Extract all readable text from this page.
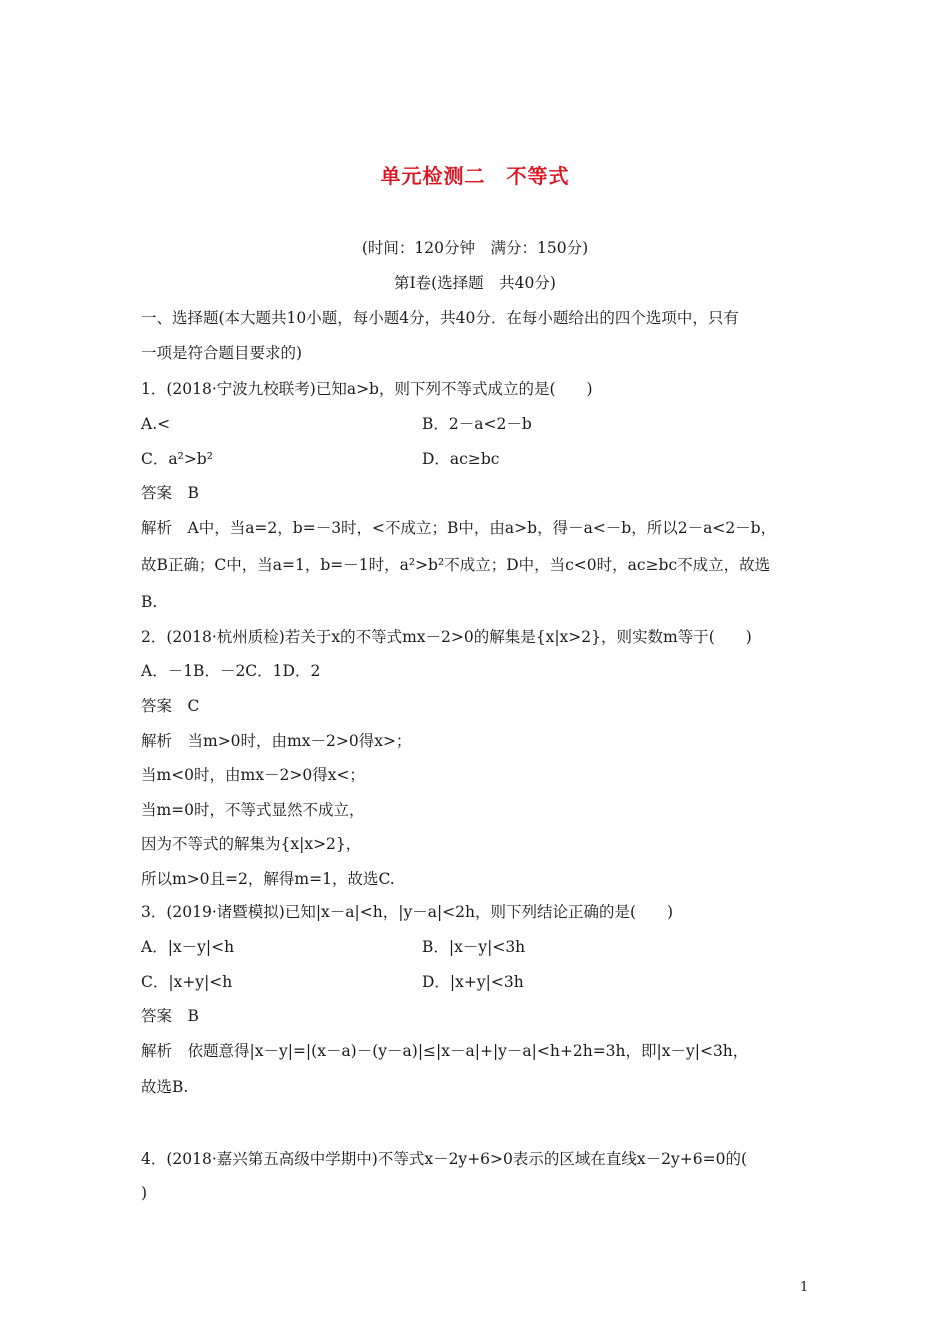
单元检测二　不等式
(时间：120分钟　满分：150分)
第Ⅰ卷(选择题　共40分)
一、选择题(本大题共10小题，每小题4分，共40分．在每小题给出的四个选项中，只有
一项是符合题目要求的)
1．(2018·宁波九校联考)已知a>b，则下列不等式成立的是(　　)
A.<	B．2－a<2－b
C．a²>b²	D．ac≥bc
答案　B
解析　A中，当a=2，b=－3时，<不成立；B中，由a>b，得－a<－b，所以2－a<2－b，
故B正确；C中，当a=1，b=－1时，a²>b²不成立；D中，当c<0时，ac≥bc不成立，故选
B.
2．(2018·杭州质检)若关于x的不等式mx－2>0的解集是{x|x>2}，则实数m等于(　　)
A．－1B．－2C．1D．2
答案　C
解析　当m>0时，由mx－2>0得x>；
当m<0时，由mx－2>0得x<；
当m=0时，不等式显然不成立，
因为不等式的解集为{x|x>2}，
所以m>0且=2，解得m=1，故选C.
3．(2019·诸暨模拟)已知|x－a|<h，|y－a|<2h，则下列结论正确的是(　　)
A．|x－y|<h	B．|x－y|<3h
C．|x+y|<h	D．|x+y|<3h
答案　B
解析　依题意得|x－y|=|(x－a)－(y－a)|≤|x－a|+|y－a|<h+2h=3h，即|x－y|<3h，
故选B.
4．(2018·嘉兴第五高级中学期中)不等式x－2y+6>0表示的区域在直线x－2y+6=0的(
)
1
